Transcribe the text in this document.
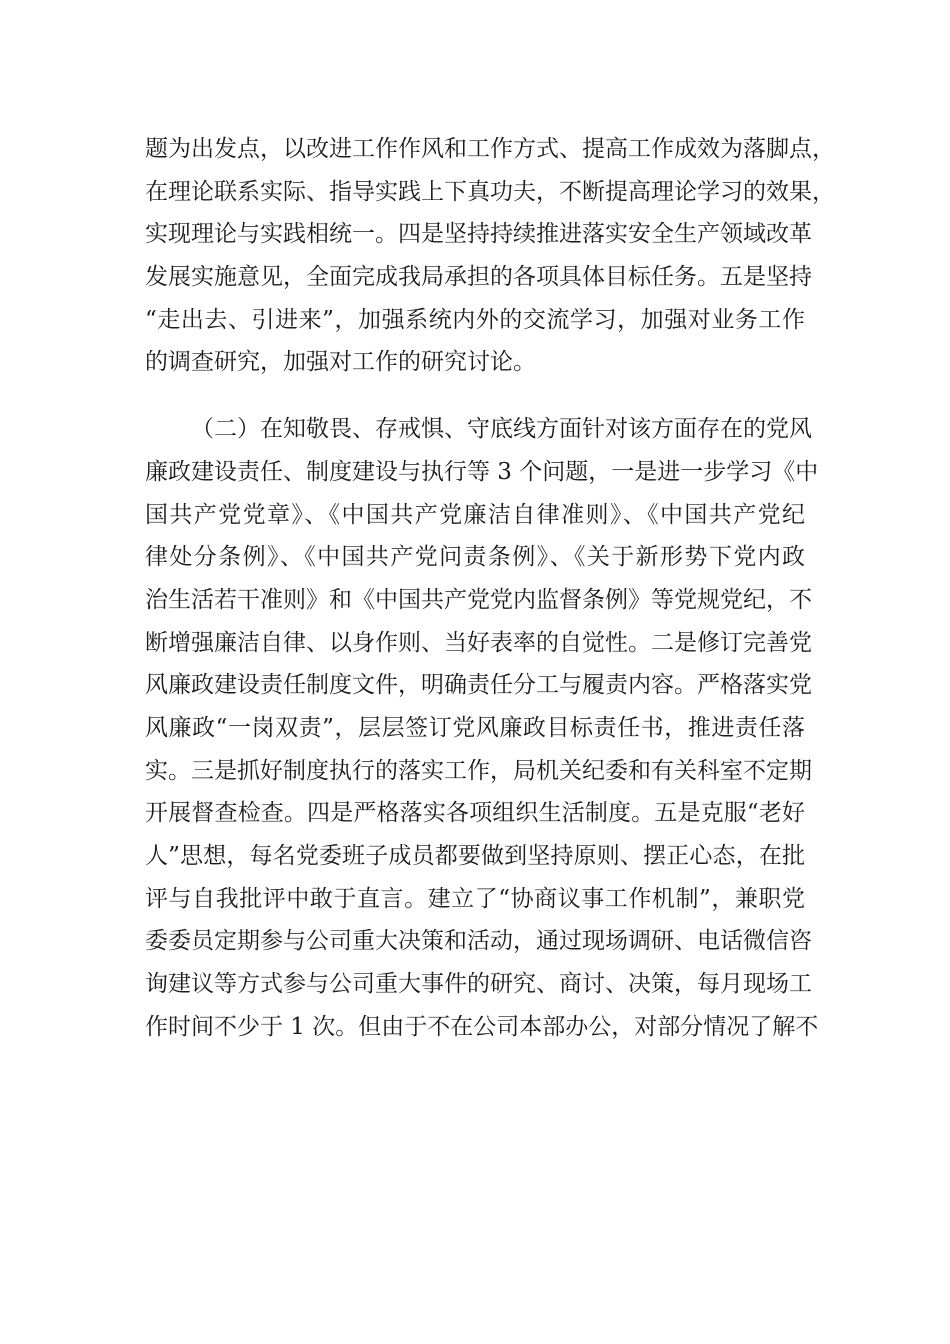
题为出发点，以改进工作作风和工作方式、提高工作成效为落脚点，
在理论联系实际、指导实践上下真功夫，不断提高理论学习的效果，
实现理论与实践相统一。四是坚持持续推进落实安全生产领域改革
发展实施意见，全面完成我局承担的各项具体目标任务。五是坚持
“走出去、引进来”，加强系统内外的交流学习，加强对业务工作
的调查研究，加强对工作的研究讨论。
（二）在知敬畏、存戒惧、守底线方面针对该方面存在的党风
廉政建设责任、制度建设与执行等 3 个问题，一是进一步学习《中
国共产党党章》、《中国共产党廉洁自律准则》、《中国共产党纪
律处分条例》、《中国共产党问责条例》、《关于新形势下党内政
治生活若干准则》和《中国共产党党内监督条例》等党规党纪，不
断增强廉洁自律、以身作则、当好表率的自觉性。二是修订完善党
风廉政建设责任制度文件，明确责任分工与履责内容。严格落实党
风廉政“一岗双责”，层层签订党风廉政目标责任书，推进责任落
实。三是抓好制度执行的落实工作，局机关纪委和有关科室不定期
开展督查检查。四是严格落实各项组织生活制度。五是克服“老好
人”思想，每名党委班子成员都要做到坚持原则、摆正心态，在批
评与自我批评中敢于直言。建立了“协商议事工作机制”，兼职党
委委员定期参与公司重大决策和活动，通过现场调研、电话微信咨
询建议等方式参与公司重大事件的研究、商讨、决策，每月现场工
作时间不少于 1 次。但由于不在公司本部办公，对部分情况了解不
